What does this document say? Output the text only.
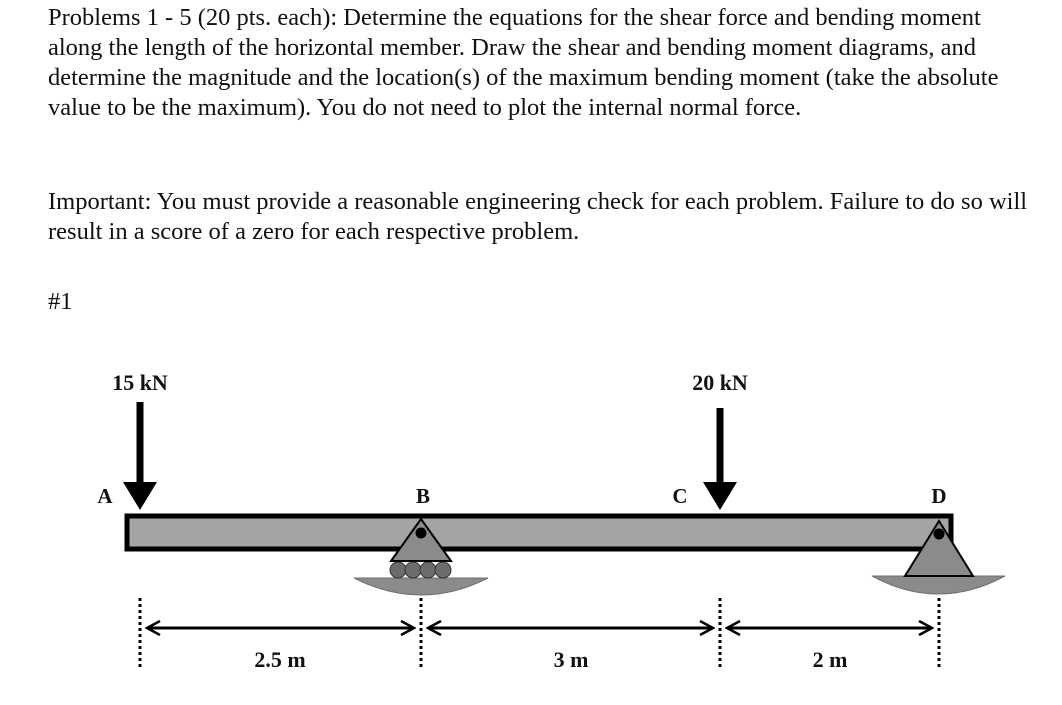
Problems 1 - 5 (20 pts. each): Determine the equations for the shear force and bending moment along the length of the horizontal member. Draw the shear and bending moment diagrams, and determine the magnitude and the location(s) of the maximum bending moment (take the absolute value to be the maximum). You do not need to plot the internal normal force.
Important: You must provide a reasonable engineering check for each problem. Failure to do so will result in a score of a zero for each respective problem.
#1
15 kN	20 kN
A	B	C	D
2.5 m	3 m	2 m
